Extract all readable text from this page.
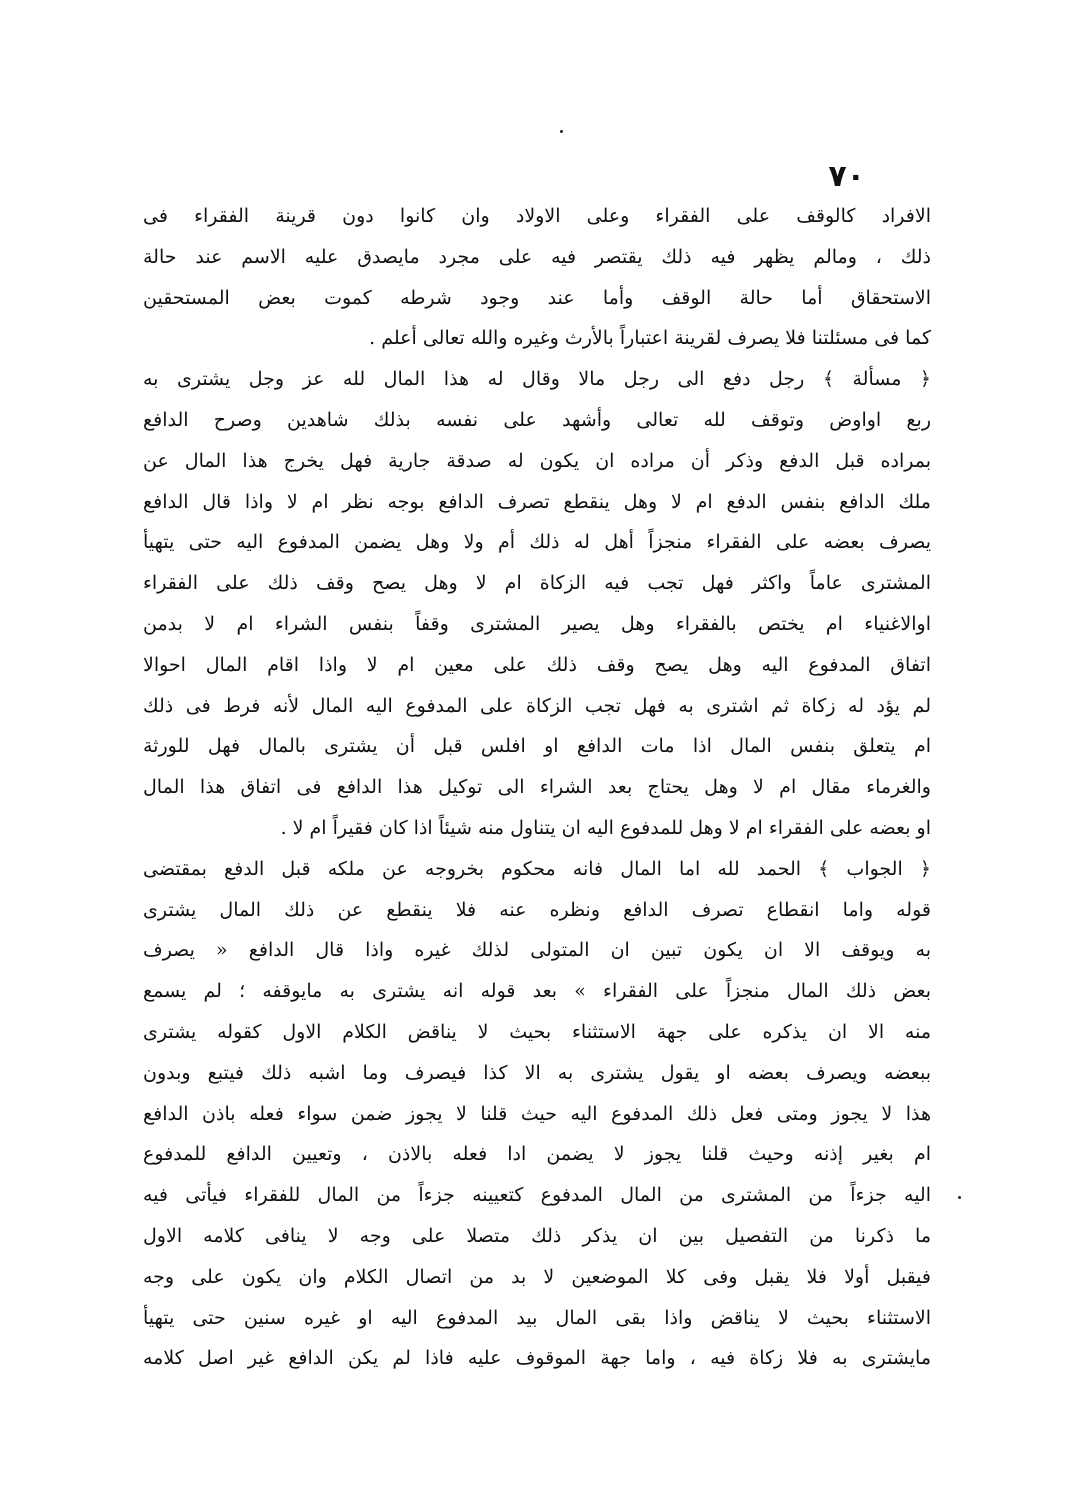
٧٠
الافراد كالوقف على الفقراء وعلى الاولاد وان كانوا دون قرينة الفقراء فى
ذلك ، ومالم يظهر فيه ذلك يقتصر فيه على مجرد مايصدق عليه الاسم عند حالة
الاستحقاق أما حالة الوقف وأما عند وجود شرطه كموت بعض المستحقين
كما فى مسئلتنا فلا يصرف لقرينة اعتباراً بالأرث وغيره والله تعالى أعلم .
﴿ مسألة ﴾ رجل دفع الى رجل مالا وقال له هذا المال لله عز وجل يشترى به
ربع اواوض وتوقف لله تعالى وأشهد على نفسه بذلك شاهدين وصرح الدافع
بمراده قبل الدفع وذكر أن مراده ان يكون له صدقة جارية فهل يخرج هذا المال عن
ملك الدافع بنفس الدفع ام لا وهل ينقطع تصرف الدافع بوجه نظر ام لا واذا قال الدافع
يصرف بعضه على الفقراء منجزاً أهل له ذلك أم ولا وهل يضمن المدفوع اليه حتى يتهيأ
المشترى عاماً واكثر فهل تجب فيه الزكاة ام لا وهل يصح وقف ذلك على الفقراء
اوالاغنياء ام يختص بالفقراء وهل يصير المشترى وقفاً بنفس الشراء ام لا بدمن
اتفاق المدفوع اليه وهل يصح وقف ذلك على معين ام لا واذا اقام المال احوالا
لم يؤد له زكاة ثم اشترى به فهل تجب الزكاة على المدفوع اليه المال لأنه فرط فى ذلك
ام يتعلق بنفس المال اذا مات الدافع او افلس قبل أن يشترى بالمال فهل للورثة
والغرماء مقال ام لا وهل يحتاج بعد الشراء الى توكيل هذا الدافع فى اتفاق هذا المال
او بعضه على الفقراء ام لا وهل للمدفوع اليه ان يتناول منه شيئاً اذا كان فقيراً ام لا .
﴿ الجواب ﴾ الحمد لله اما المال فانه محكوم بخروجه عن ملكه قبل الدفع بمقتضى
قوله واما انقطاع تصرف الدافع ونظره عنه فلا ينقطع عن ذلك المال يشترى
به ويوقف الا ان يكون تبين ان المتولى لذلك غيره واذا قال الدافع « يصرف
بعض ذلك المال منجزاً على الفقراء » بعد قوله انه يشترى به مايوقفه ؛ لم يسمع
منه الا ان يذكره على جهة الاستثناء بحيث لا يناقض الكلام الاول كقوله يشترى
ببعضه ويصرف بعضه او يقول يشترى به الا كذا فيصرف وما اشبه ذلك فيتبع وبدون
هذا لا يجوز ومتى فعل ذلك المدفوع اليه حيث قلنا لا يجوز ضمن سواء فعله باذن الدافع
ام بغير إذنه وحيث قلنا يجوز لا يضمن ادا فعله بالاذن ، وتعيين الدافع للمدفوع
اليه جزءاً من المشترى من المال المدفوع كتعيينه جزءاً من المال للفقراء فيأتى فيه
ما ذكرنا من التفصيل بين ان يذكر ذلك متصلا على وجه لا ينافى كلامه الاول
فيقبل أولا فلا يقبل وفى كلا الموضعين لا بد من اتصال الكلام وان يكون على وجه
الاستثناء بحيث لا يناقض واذا بقى المال بيد المدفوع اليه او غيره سنين حتى يتهيأ
مايشترى به فلا زكاة فيه ، واما جهة الموقوف عليه فاذا لم يكن الدافع غير اصل كلامه
